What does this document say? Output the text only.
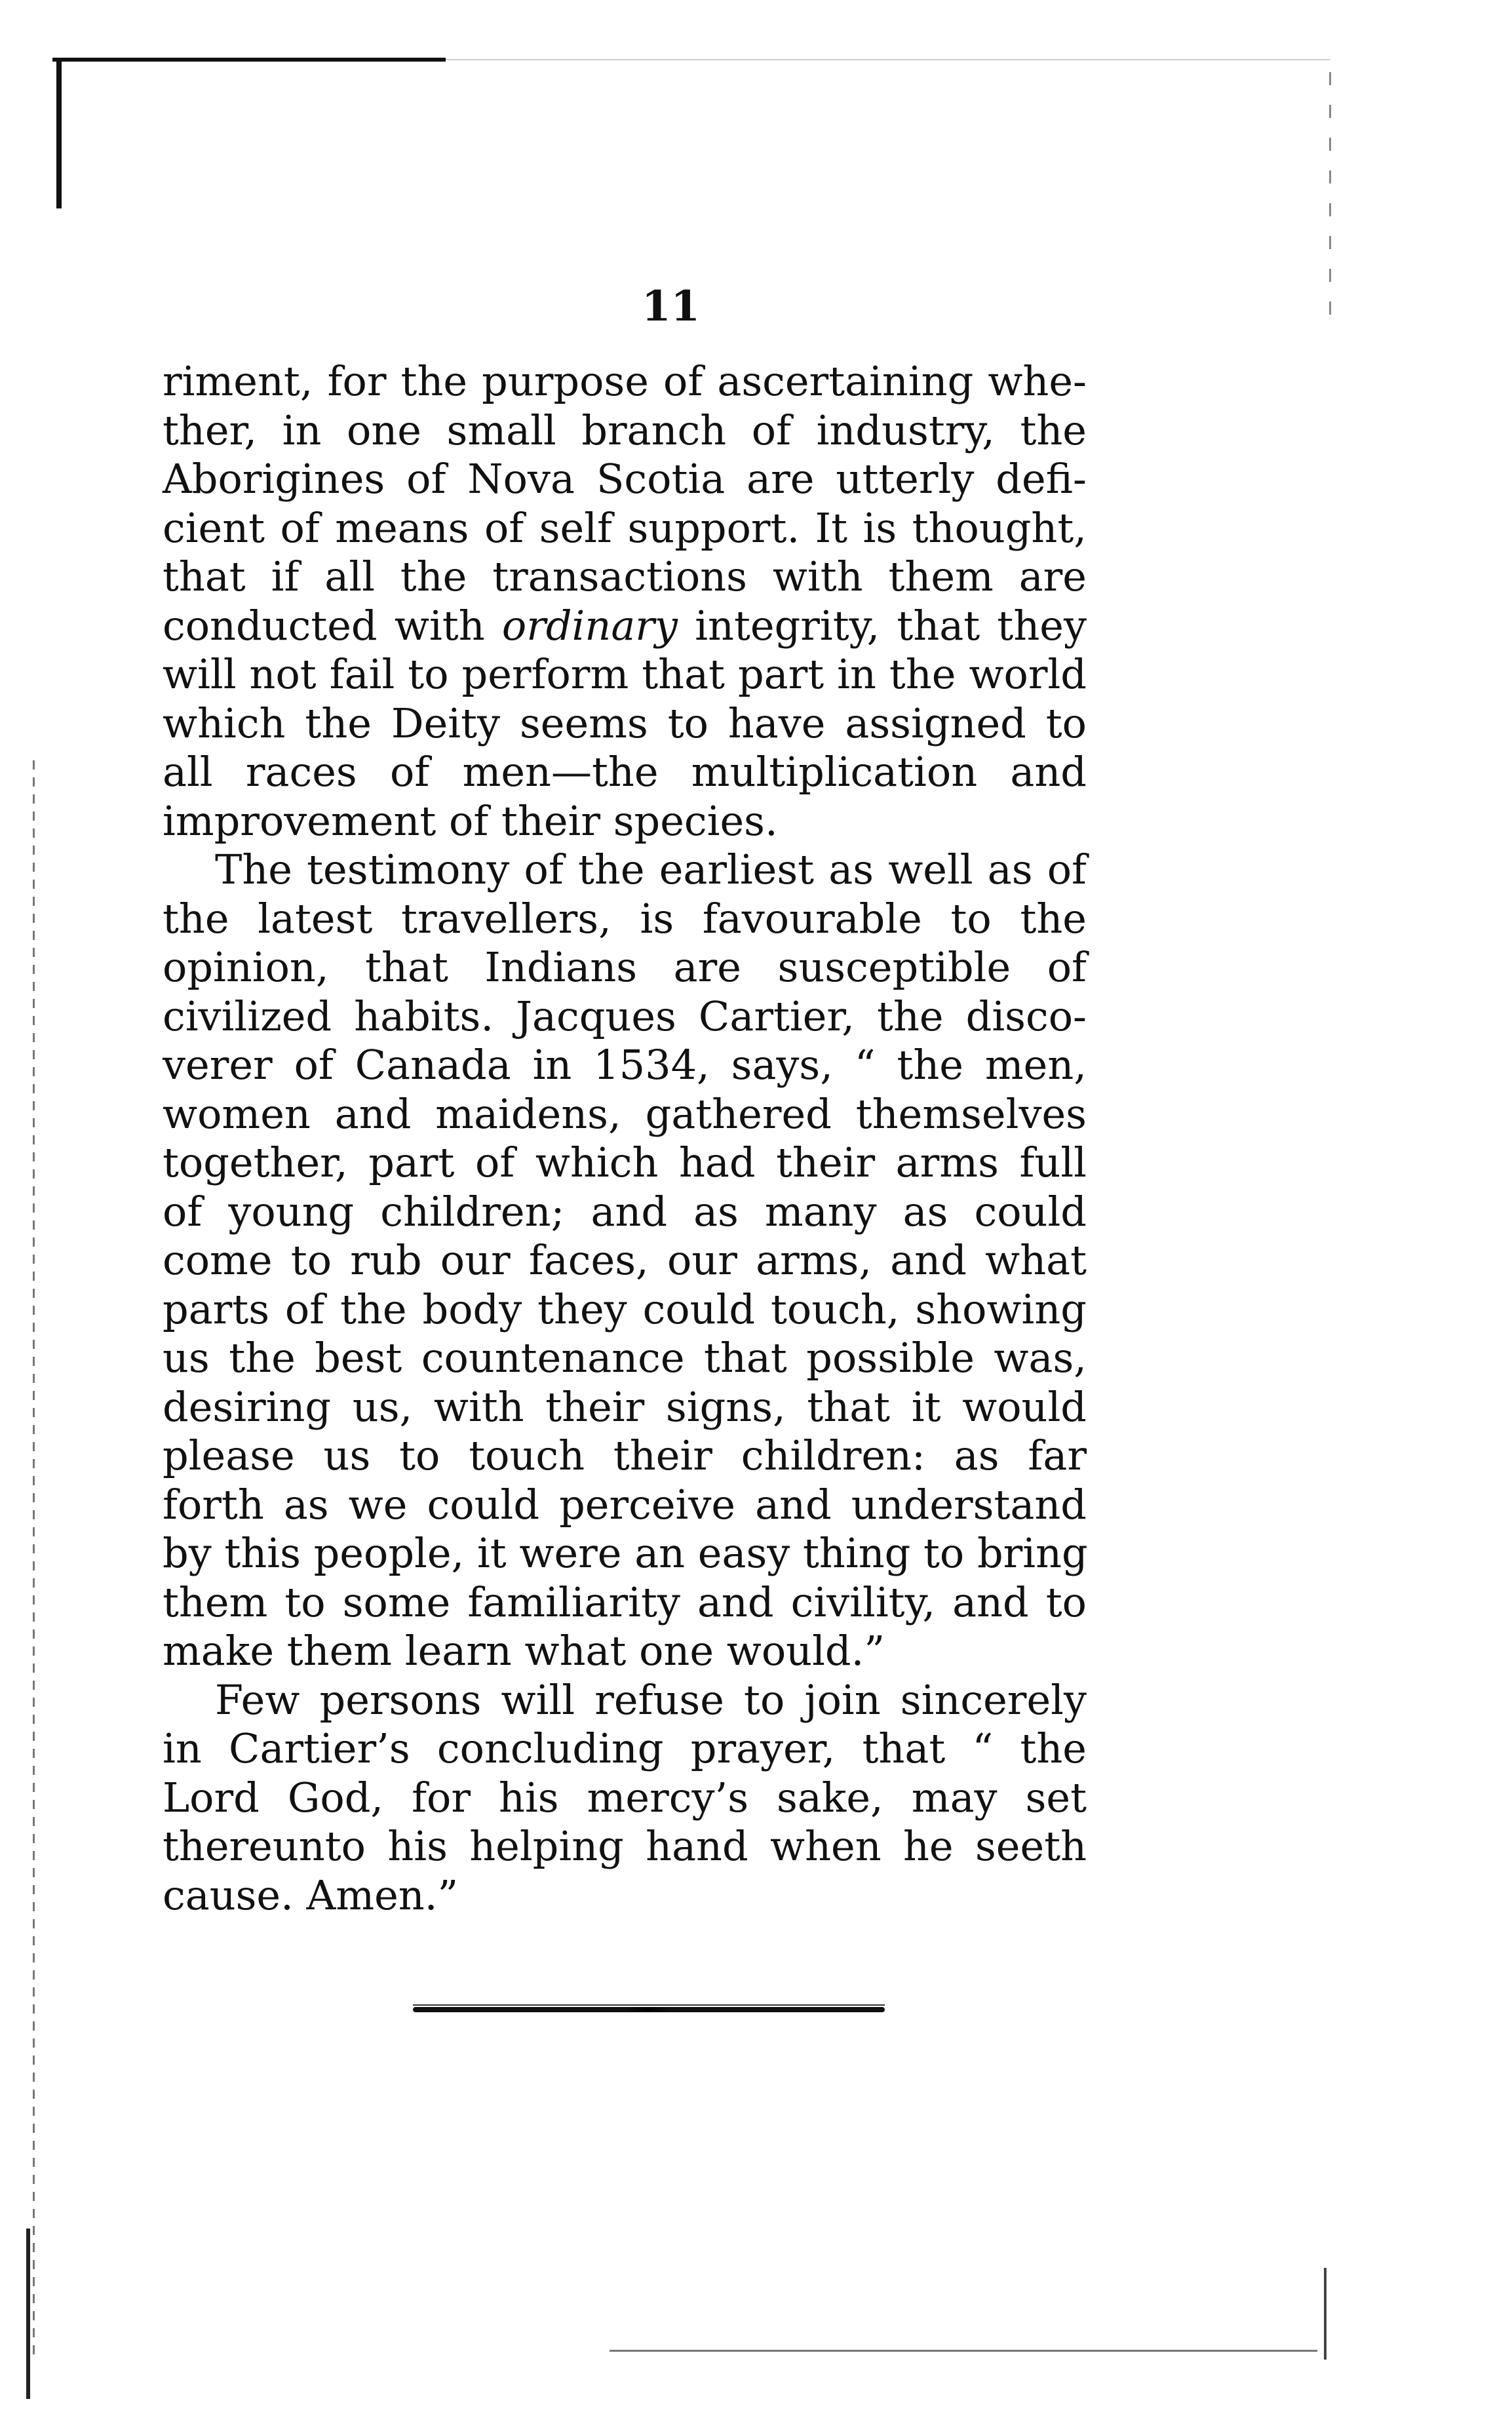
11

riment, for the purpose of ascertaining whe-
ther, in one small branch of industry, the
Aborigines of Nova Scotia are utterly defi-
cient of means of self support. It is thought,
that if all the transactions with them are
conducted with ordinary integrity, that they
will not fail to perform that part in the world
which the Deity seems to have assigned to
all races of men—the multiplication and
improvement of their species.

The testimony of the earliest as well as of
the latest travellers, is favourable to the
opinion, that Indians are susceptible of
civilized habits. Jacques Cartier, the disco-
verer of Canada in 1534, says, “ the men,
women and maidens, gathered themselves
together, part of which had their arms full
of young children; and as many as could
come to rub our faces, our arms, and what
parts of the body they could touch, showing
us the best countenance that possible was,
desiring us, with their signs, that it would
please us to touch their children: as far
forth as we could perceive and understand
by this people, it were an easy thing to bring
them to some familiarity and civility, and to
make them learn what one would.”

Few persons will refuse to join sincerely
in Cartier’s concluding prayer, that “ the
Lord God, for his mercy’s sake, may set
thereunto his helping hand when he seeth
cause. Amen.”
